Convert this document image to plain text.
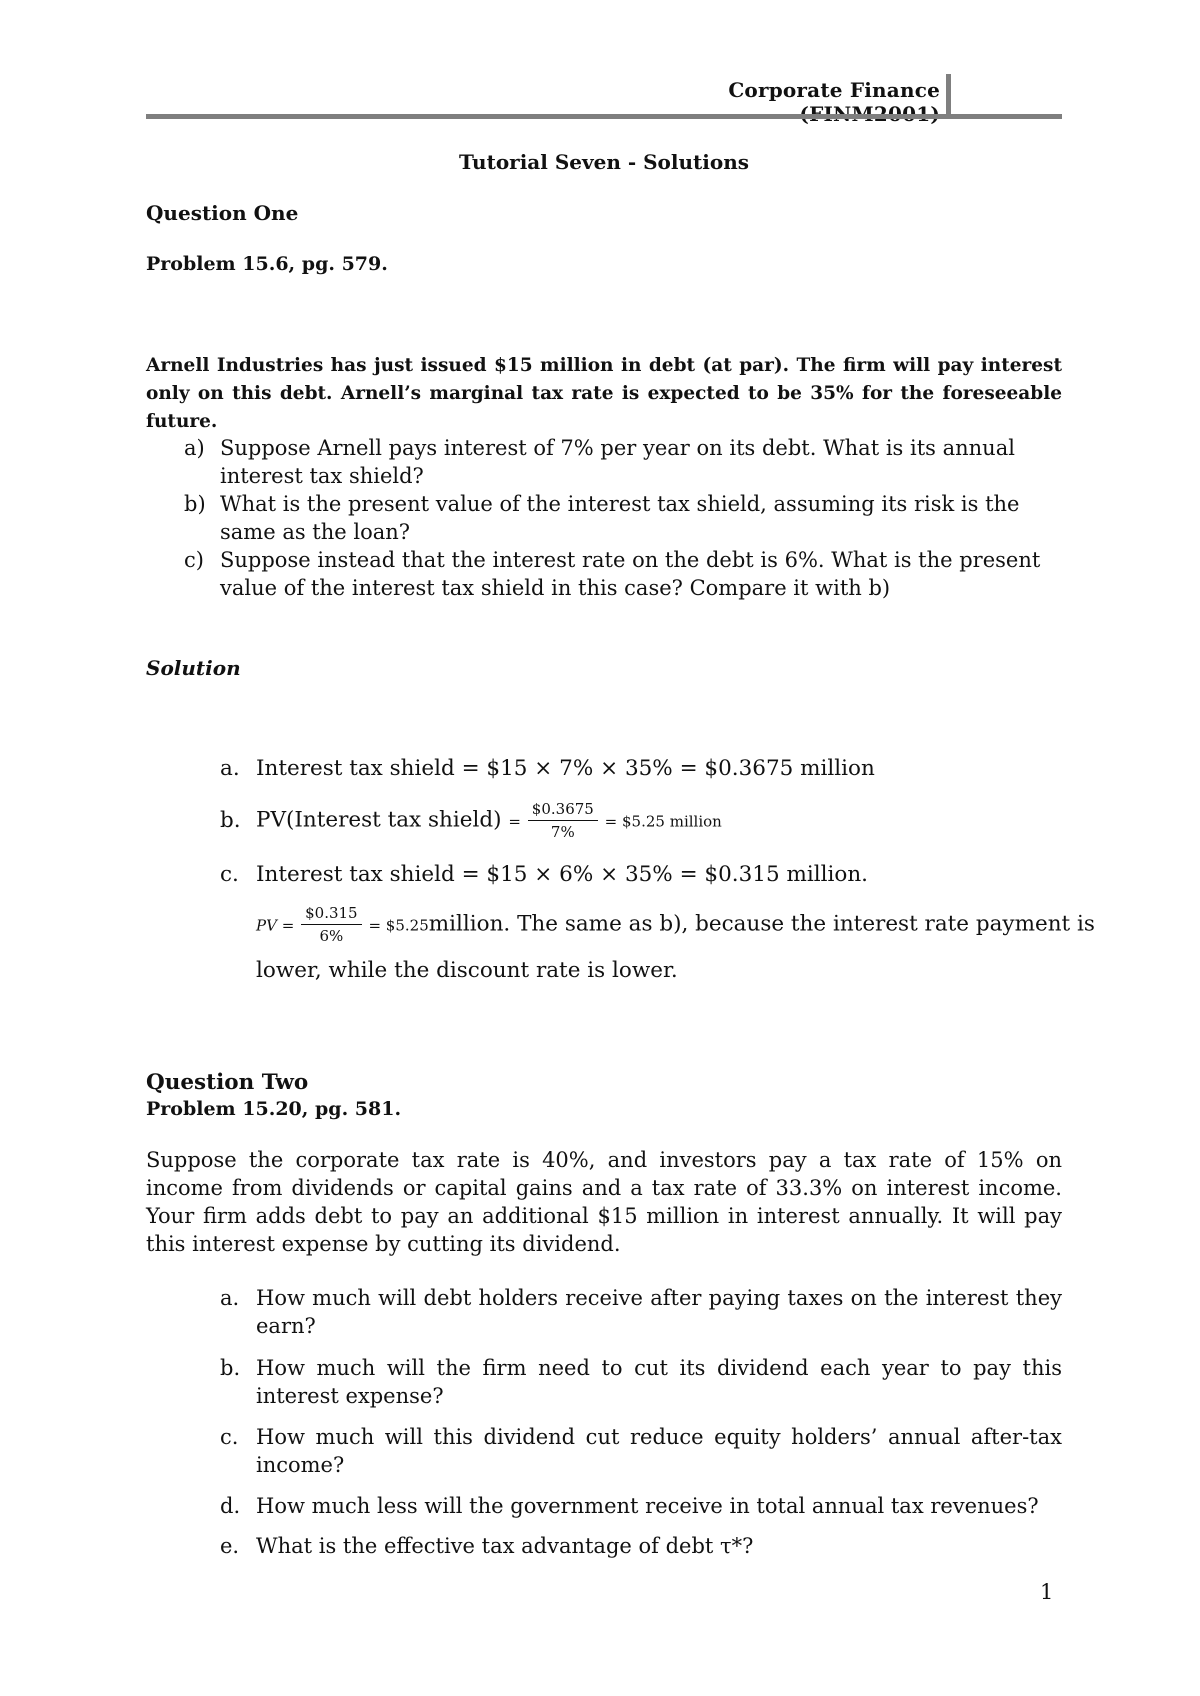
Corporate Finance
Tutorial Seven - Solutions
Question One
Problem 15.6, pg. 579.
Arnell Industries has just issued $15 million in debt (at par). The firm will pay interest only on this debt. Arnell’s marginal tax rate is expected to be 35% for the foreseeable future.
a) Suppose Arnell pays interest of 7% per year on its debt. What is its annual interest tax shield?
b) What is the present value of the interest tax shield, assuming its risk is the same as the loan?
c) Suppose instead that the interest rate on the debt is 6%. What is the present value of the interest tax shield in this case? Compare it with b)
Solution
a. Interest tax shield = $15 × 7% × 35% = $0.3675 million
b. PV(Interest tax shield) = $\frac{\$0.3675}{7\%}$ = $5.25 million
c. Interest tax shield = $15 × 6% × 35% = $0.315 million.
PV = $\frac{\$0.315}{6\%}$ = $5.25million. The same as b), because the interest rate payment is
lower, while the discount rate is lower.
Question Two
Problem 15.20, pg. 581.
Suppose the corporate tax rate is 40%, and investors pay a tax rate of 15% on income from dividends or capital gains and a tax rate of 33.3% on interest income. Your firm adds debt to pay an additional $15 million in interest annually. It will pay this interest expense by cutting its dividend.
a. How much will debt holders receive after paying taxes on the interest they earn?
b. How much will the firm need to cut its dividend each year to pay this interest expense?
c. How much will this dividend cut reduce equity holders’ annual after-tax income?
d. How much less will the government receive in total annual tax revenues?
e. What is the effective tax advantage of debt τ*?
1
